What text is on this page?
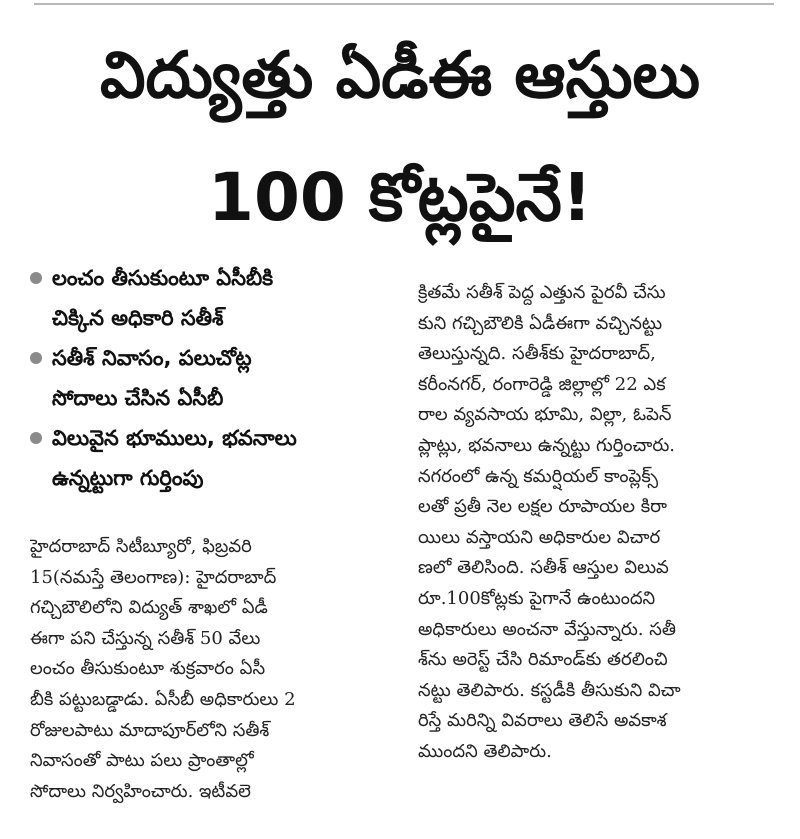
విద్యుత్తు ఏడీఈ ఆస్తులు
100 కోట్లపైనే!
లంచం తీసుకుంటూ ఏసీబీకి
చిక్కిన అధికారి సతీశ్
సతీశ్ నివాసం, పలుచోట్ల
సోదాలు చేసిన ఏసీబీ
విలువైన భూములు, భవనాలు
ఉన్నట్టుగా గుర్తింపు
హైదరాబాద్ సిటీబ్యూరో, ఫిబ్రవరి
15(నమస్తే తెలంగాణ): హైదరాబాద్
గచ్చిబౌలిలోని విద్యుత్ శాఖలో ఏడీ
ఈగా పని చేస్తున్న సతీశ్ 50 వేలు
లంచం తీసుకుంటూ శుక్రవారం ఏసీ
బీకి పట్టుబడ్డాడు. ఏసీబీ అధికారులు 2
రోజులపాటు మాదాపూర్‌లోని సతీశ్
నివాసంతో పాటు పలు ప్రాంతాల్లో
సోదాలు నిర్వహించారు. ఇటీవలె
క్రితమే సతీశ్ పెద్ద ఎత్తున పైరవీ చేసు
కుని గచ్చిబౌలికి ఏడీఈగా వచ్చినట్టు
తెలుస్తున్నది. సతీశ్‌కు హైదరాబాద్,
కరీంనగర్, రంగారెడ్డి జిల్లాల్లో 22 ఎక
రాల వ్యవసాయ భూమి, విల్లా, ఓపెన్
ప్లాట్లు, భవనాలు ఉన్నట్టు గుర్తించారు.
నగరంలో ఉన్న కమర్షియల్ కాంప్లెక్స్
లతో ప్రతీ నెల లక్షల రూపాయల కిరా
యిలు వస్తాయని అధికారుల విచార
ణలో తెలిసింది. సతీశ్ ఆస్తుల విలువ
రూ.100కోట్లకు పైగానే ఉంటుందని
అధికారులు అంచనా వేస్తున్నారు. సతీ
శ్‌ను అరెస్ట్ చేసి రిమాండ్‌కు తరలించి
నట్టు తెలిపారు. కస్టడీకి తీసుకుని విచా
రిస్తే మరిన్ని వివరాలు తెలిసే అవకాశ
ముందని తెలిపారు.
